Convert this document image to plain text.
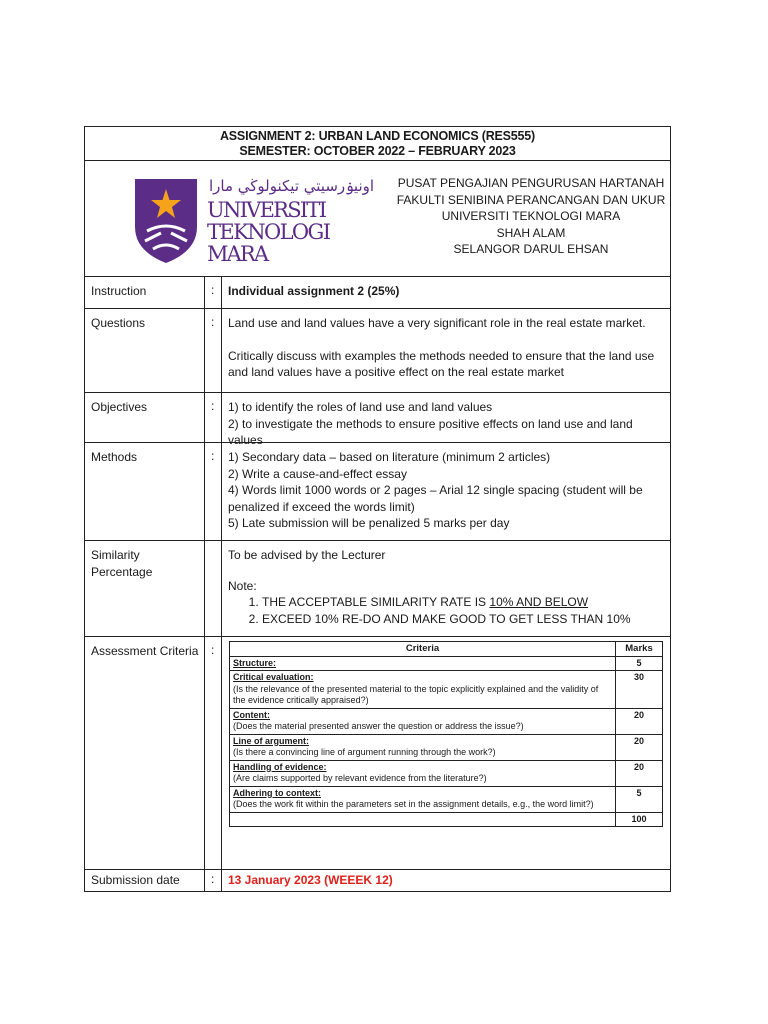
ASSIGNMENT 2: URBAN LAND ECONOMICS (RES555)
SEMESTER: OCTOBER 2022 – FEBRUARY 2023
اونيۏرسيتي تيكنولوڬي مارا
UNIVERSITI
TEKNOLOGI
MARA
PUSAT PENGAJIAN PENGURUSAN HARTANAH
FAKULTI SENIBINA PERANCANGAN DAN UKUR
UNIVERSITI TEKNOLOGI MARA
SHAH ALAM
SELANGOR DARUL EHSAN
Instruction	: Individual assignment 2 (25%)
Questions	: Land use and land values have a very significant role in the real estate market.
Critically discuss with examples the methods needed to ensure that the land use and land values have a positive effect on the real estate market
Objectives	: 1) to identify the roles of land use and land values
2) to investigate the methods to ensure positive effects on land use and land values
Methods	: 1) Secondary data – based on literature (minimum 2 articles)
2) Write a cause-and-effect essay
4) Words limit 1000 words or 2 pages – Arial 12 single spacing (student will be penalized if exceed the words limit)
5) Late submission will be penalized 5 marks per day
Similarity
Percentage
To be advised by the Lecturer
Note:
1. THE ACCEPTABLE SIMILARITY RATE IS 10% AND BELOW
2. EXCEED 10% RE-DO AND MAKE GOOD TO GET LESS THAN 10%
Assessment Criteria :	Criteria	Marks

Structure:	5

Critical evaluation:
(Is the relevance of the presented material to the topic explicitly explained and the validity of the evidence critically appraised?)	30

Content:
(Does the material presented answer the question or address the issue?)	20

Line of argument:
(Is there a convincing line of argument running through the work?)	20

Handling of evidence:
(Are claims supported by relevant evidence from the literature?)	20

Adhering to context:
(Does the work fit within the parameters set in the assignment details, e.g., the word limit?)	5
	100
Submission date	: 13 January 2023 (WEEEK 12)
